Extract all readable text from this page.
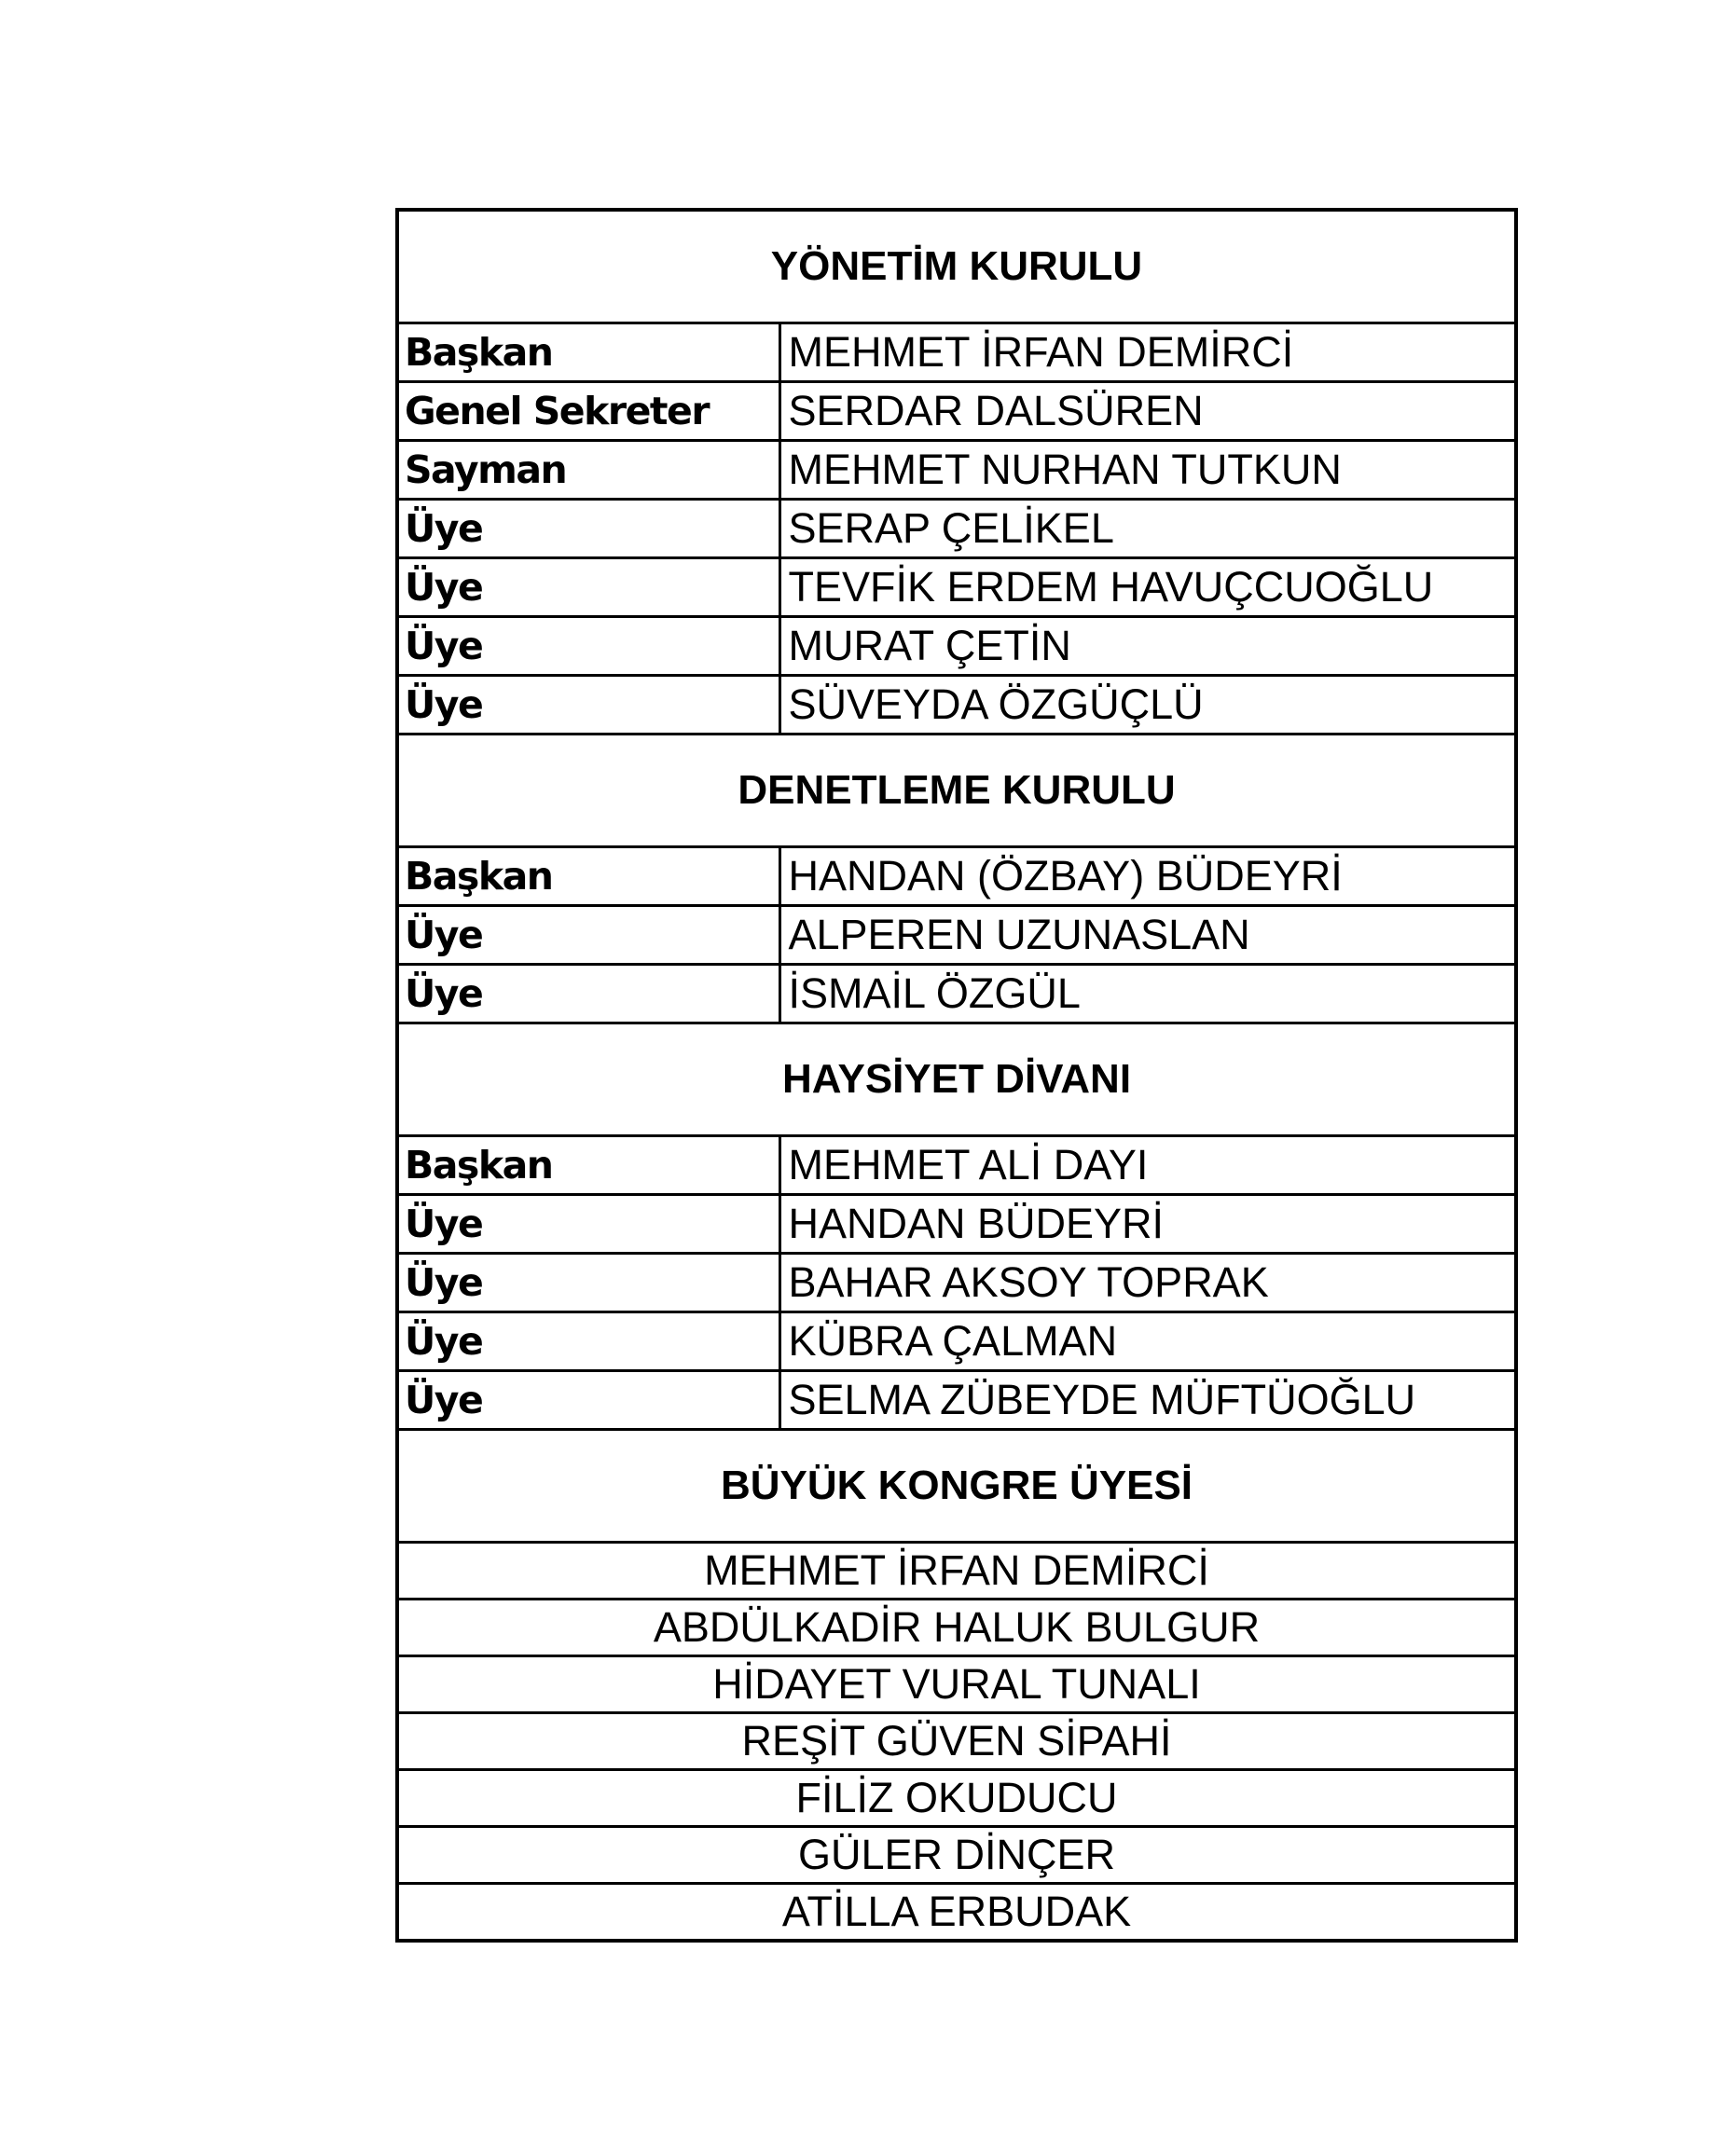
YÖNETİM KURULU	
Başkan	MEHMET İRFAN DEMİRCİ
Genel Sekreter	SERDAR DALSÜREN
Sayman	MEHMET NURHAN TUTKUN
Üye	SERAP ÇELİKEL
Üye	TEVFİK ERDEM HAVUÇCUOĞLU
Üye	MURAT ÇETİN
Üye	SÜVEYDA ÖZGÜÇLÜ
DENETLEME KURULU	
Başkan	HANDAN (ÖZBAY) BÜDEYRİ
Üye	ALPEREN UZUNASLAN
Üye	İSMAİL ÖZGÜL
HAYSİYET DİVANI	
Başkan	MEHMET ALİ DAYI
Üye	HANDAN BÜDEYRİ
Üye	BAHAR AKSOY TOPRAK
Üye	KÜBRA ÇALMAN
Üye	SELMA ZÜBEYDE MÜFTÜOĞLU
BÜYÜK KONGRE ÜYESİ	
MEHMET İRFAN DEMİRCİ	
ABDÜLKADİR HALUK BULGUR	
HİDAYET VURAL TUNALI	
REŞİT GÜVEN SİPAHİ	
FİLİZ OKUDUCU	
GÜLER DİNÇER	
ATİLLA ERBUDAK	
